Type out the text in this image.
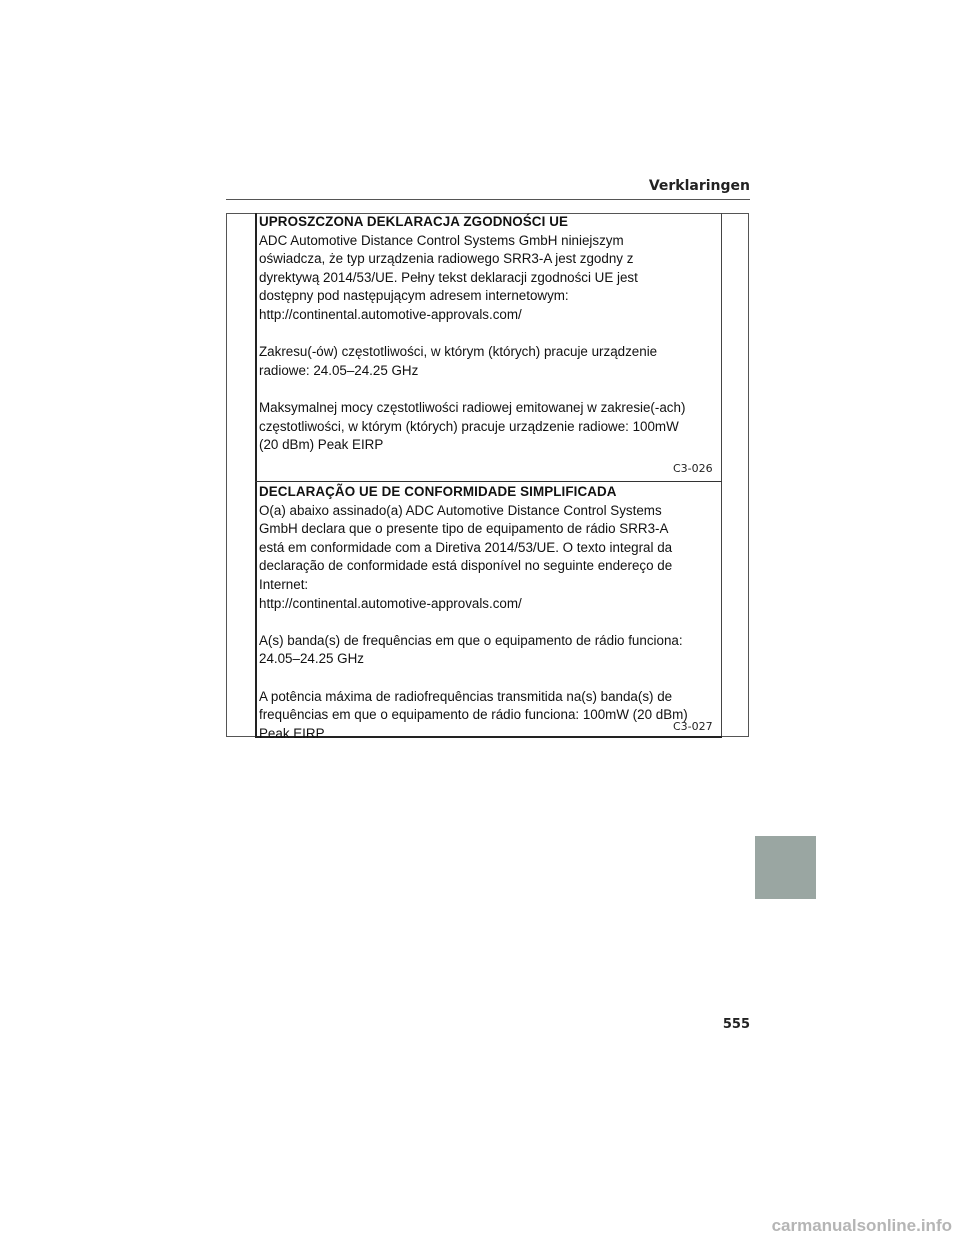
Verklaringen

UPROSZCZONA DEKLARACJA ZGODNOŚCI UE

ADC Automotive Distance Control Systems GmbH niniejszym

oświadcza, że typ urządzenia radiowego SRR3-A jest zgodny z

dyrektywą 2014/53/UE. Pełny tekst deklaracji zgodności UE jest

dostępny pod następującym adresem internetowym:

http://continental.automotive-approvals.com/

Zakresu(-ów) częstotliwości, w którym (których) pracuje urządzenie

radiowe: 24.05–24.25 GHz

Maksymalnej mocy częstotliwości radiowej emitowanej w zakresie(-ach)

częstotliwości, w którym (których) pracuje urządzenie radiowe: 100mW

(20 dBm) Peak EIRP

C3-026

DECLARAÇÃO UE DE CONFORMIDADE SIMPLIFICADA

O(a) abaixo assinado(a) ADC Automotive Distance Control Systems

GmbH declara que o presente tipo de equipamento de rádio SRR3-A

está em conformidade com a Diretiva 2014/53/UE. O texto integral da

declaração de conformidade está disponível no seguinte endereço de

Internet:

http://continental.automotive-approvals.com/

A(s) banda(s) de frequências em que o equipamento de rádio funciona:

24.05–24.25 GHz

A potência máxima de radiofrequências transmitida na(s) banda(s) de

frequências em que o equipamento de rádio funciona: 100mW (20 dBm)

Peak EIRP	C3-027
555
carmanualsonline.info
